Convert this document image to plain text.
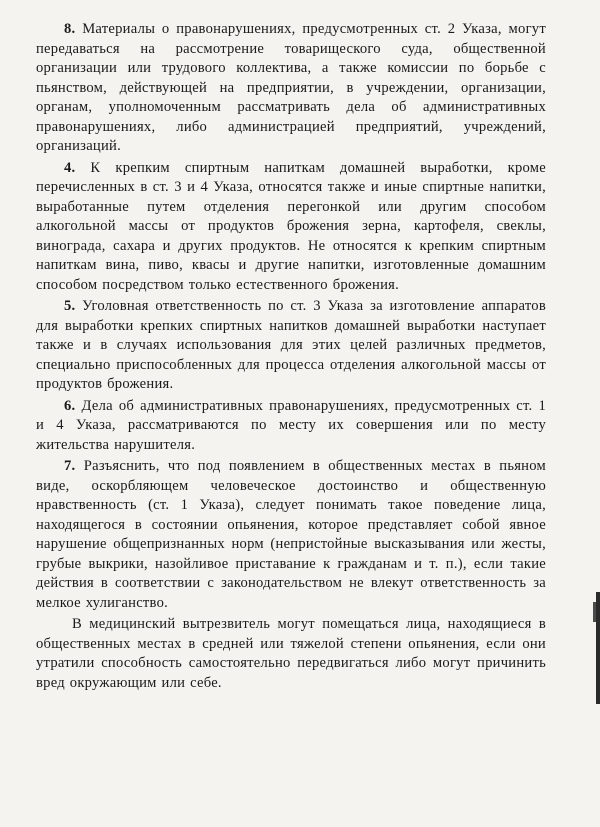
8. Материалы о правонарушениях, предусмотренных ст. 2 Указа, могут передаваться на рассмотрение товарищеского суда, общественной организации или трудового коллектива, а также комиссии по борьбе с пьянством, действующей на предприятии, в учреждении, организации, органам, уполномоченным рассматривать дела об административных правонарушениях, либо администрацией предприятий, учреждений, организаций.

4. К крепким спиртным напиткам домашней выработки, кроме перечисленных в ст. 3 и 4 Указа, относятся также и иные спиртные напитки, выработанные путем отделения перегонкой или другим способом алкогольной массы от продуктов брожения зерна, картофеля, свеклы, винограда, сахара и других продуктов. Не относятся к крепким спиртным напиткам вина, пиво, квасы и другие напитки, изготовленные домашним способом посредством только естественного брожения.

5. Уголовная ответственность по ст. 3 Указа за изготовление аппаратов для выработки крепких спиртных напитков домашней выработки наступает также и в случаях использования для этих целей различных предметов, специально приспособленных для процесса отделения алкогольной массы от продуктов брожения.

6. Дела об административных правонарушениях, предусмотренных ст. 1 и 4 Указа, рассматриваются по месту их совершения или по месту жительства нарушителя.

7. Разъяснить, что под появлением в общественных местах в пьяном виде, оскорбляющем человеческое достоинство и общественную нравственность (ст. 1 Указа), следует понимать такое поведение лица, находящегося в состоянии опьянения, которое представляет собой явное нарушение общепризнанных норм (непристойные высказывания или жесты, грубые выкрики, назойливое приставание к гражданам и т. п.), если такие действия в соответствии с законодательством не влекут ответственность за мелкое хулиганство.

В медицинский вытрезвитель могут помещаться лица, находящиеся в общественных местах в средней или тяжелой степени опьянения, если они утратили способность самостоятельно передвигаться либо могут причинить вред окружающим или себе.
